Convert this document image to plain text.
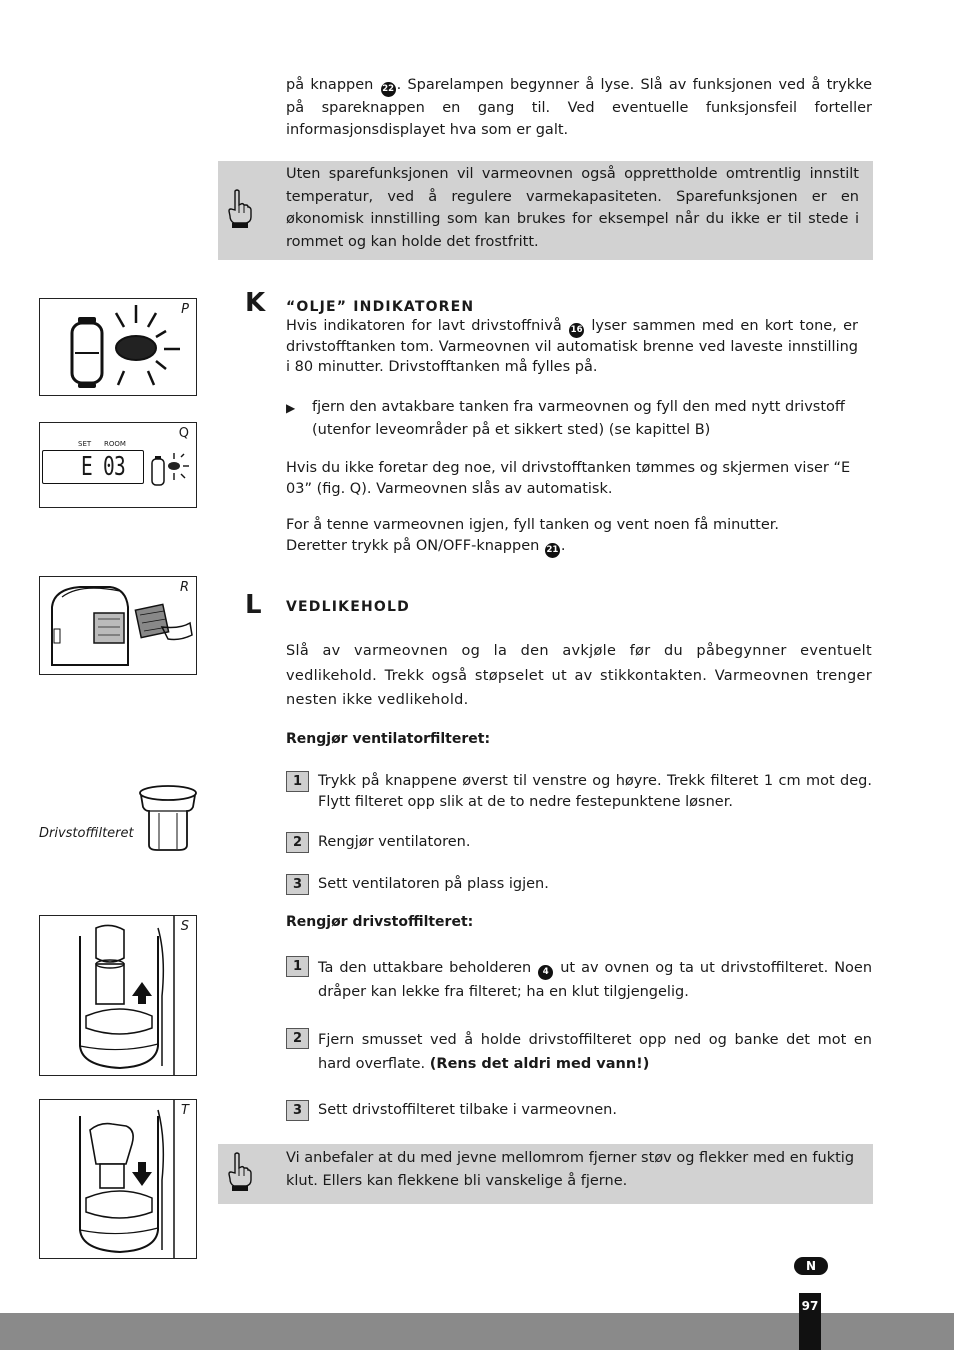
på knappen 22 . Sparelampen begynner å lyse. Slå av funksjonen ved å trykke på spareknappen en gang til. Ved eventuelle funksjonsfeil forteller informasjonsdisplayet hva som er galt.
Uten sparefunksjonen vil varmeovnen også opprettholde omtrentlig innstilt temperatur, ved å regulere varmekapasiteten. Sparefunksjonen er en økonomisk innstilling som kan brukes for eksempel når du ikke er til stede i rommet og kan holde det frostfritt.
K “OLJE” INDIKATOREN
Hvis indikatoren for lavt drivstoffnivå 16 lyser sammen med en kort tone, er drivstofftanken tom. Varmeovnen vil automatisk brenne ved laveste innstilling i 80 minutter. Drivstofftanken må fylles på.
▶ fjern den avtakbare tanken fra varmeovnen og fyll den med nytt drivstoff (utenfor leveområder på et sikkert sted) (se kapittel B)
Hvis du ikke foretar deg noe, vil drivstofftanken tømmes og skjermen viser “E 03” (fig. Q). Varmeovnen slås av automatisk.
For å tenne varmeovnen igjen, fyll tanken og vent noen få minutter.
Deretter trykk på ON/OFF-knappen 21 .
L VEDLIKEHOLD
Slå av varmeovnen og la den avkjøle før du påbegynner eventuelt vedlikehold. Trekk også støpselet ut av stikkontakten. Varmeovnen trenger nesten ikke vedlikehold.
Rengjør ventilatorfilteret:
1	Trykk på knappene øverst til venstre og høyre. Trekk filteret 1 cm mot deg. Flytt filteret opp slik at de to nedre festepunktene løsner.
2	Rengjør ventilatoren.
3	Sett ventilatoren på plass igjen.
Rengjør drivstoffilteret:
1	Ta den uttakbare beholderen 4 ut av ovnen og ta ut drivstoffilteret. Noen dråper kan lekke fra filteret; ha en klut tilgjengelig.
2	Fjern smusset ved å holde drivstoffilteret opp ned og banke det mot en hard overflate. (Rens det aldri med vann!)
3	Sett drivstoffilteret tilbake i varmeovnen.
Vi anbefaler at du med jevne mellomrom fjerner støv og flekker med en fuktig klut. Ellers kan flekkene bli vanskelige å fjerne.
P
Q
SET ROOM
E 03
R
Drivstoffilteret
S
T
N
97
